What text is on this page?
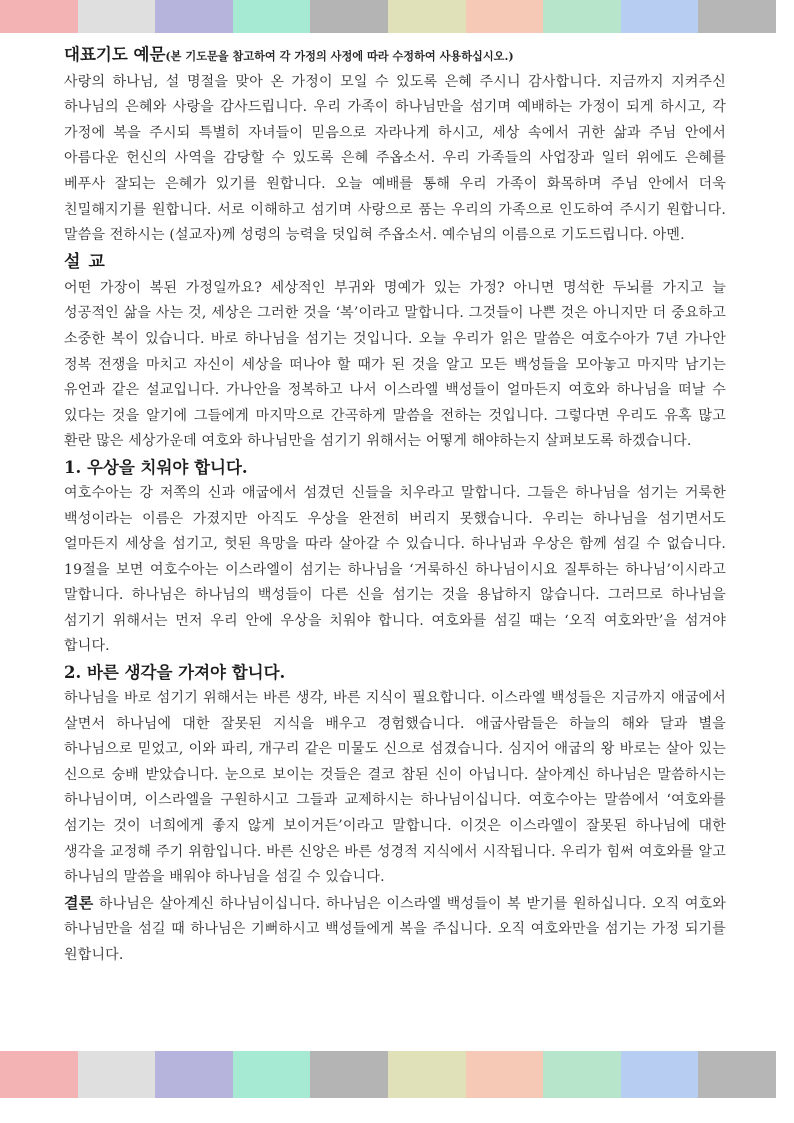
대표기도 예문(본 기도문을 참고하여 각 가정의 사정에 따라 수정하여 사용하십시오.)

사랑의 하나님, 설 명절을 맞아 온 가정이 모일 수 있도록 은혜 주시니 감사합니다. 지금까지 지켜주신 하나님의 은혜와 사랑을 감사드립니다. 우리 가족이 하나님만을 섬기며 예배하는 가정이 되게 하시고, 각 가정에 복을 주시되 특별히 자녀들이 믿음으로 자라나게 하시고, 세상 속에서 귀한 삶과 주님 안에서 아름다운 헌신의 사역을 감당할 수 있도록 은혜 주옵소서. 우리 가족들의 사업장과 일터 위에도 은혜를 베푸사 잘되는 은혜가 있기를 원합니다. 오늘 예배를 통해 우리 가족이 화목하며 주님 안에서 더욱 친밀해지기를 원합니다. 서로 이해하고 섬기며 사랑으로 품는 우리의 가족으로 인도하여 주시기 원합니다. 말씀을 전하시는 (설교자)께 성령의 능력을 덧입혀 주옵소서. 예수님의 이름으로 기도드립니다. 아멘.

설 교

어떤 가장이 복된 가정일까요? 세상적인 부귀와 명예가 있는 가정? 아니면 명석한 두뇌를 가지고 늘 성공적인 삶을 사는 것, 세상은 그러한 것을 ‘복’이라고 말합니다. 그것들이 나쁜 것은 아니지만 더 중요하고 소중한 복이 있습니다. 바로 하나님을 섬기는 것입니다. 오늘 우리가 읽은 말씀은 여호수아가 7년 가나안 정복 전쟁을 마치고 자신이 세상을 떠나야 할 때가 된 것을 알고 모든 백성들을 모아놓고 마지막 남기는 유언과 같은 설교입니다. 가나안을 정복하고 나서 이스라엘 백성들이 얼마든지 여호와 하나님을 떠날 수 있다는 것을 알기에 그들에게 마지막으로 간곡하게 말씀을 전하는 것입니다. 그렇다면 우리도 유혹 많고 환란 많은 세상가운데 여호와 하나님만을 섬기기 위해서는 어떻게 해야하는지 살펴보도록 하겠습니다.

1. 우상을 치워야 합니다.

여호수아는 강 저쪽의 신과 애굽에서 섬겼던 신들을 치우라고 말합니다. 그들은 하나님을 섬기는 거룩한 백성이라는 이름은 가졌지만 아직도 우상을 완전히 버리지 못했습니다. 우리는 하나님을 섬기면서도 얼마든지 세상을 섬기고, 헛된 욕망을 따라 살아갈 수 있습니다. 하나님과 우상은 함께 섬길 수 없습니다. 19절을 보면 여호수아는 이스라엘이 섬기는 하나님을 ‘거룩하신 하나님이시요 질투하는 하나님’이시라고 말합니다. 하나님은 하나님의 백성들이 다른 신을 섬기는 것을 용납하지 않습니다. 그러므로 하나님을 섬기기 위해서는 먼저 우리 안에 우상을 치워야 합니다. 여호와를 섬길 때는 ‘오직 여호와만’을 섬겨야 합니다.

2. 바른 생각을 가져야 합니다.

하나님을 바로 섬기기 위해서는 바른 생각, 바른 지식이 필요합니다. 이스라엘 백성들은 지금까지 애굽에서 살면서 하나님에 대한 잘못된 지식을 배우고 경험했습니다. 애굽사람들은 하늘의 해와 달과 별을 하나님으로 믿었고, 이와 파리, 개구리 같은 미물도 신으로 섬겼습니다. 심지어 애굽의 왕 바로는 살아 있는 신으로 숭배 받았습니다. 눈으로 보이는 것들은 결코 참된 신이 아닙니다. 살아계신 하나님은 말씀하시는 하나님이며, 이스라엘을 구원하시고 그들과 교제하시는 하나님이십니다. 여호수아는 말씀에서 ‘여호와를 섬기는 것이 너희에게 좋지 않게 보이거든’이라고 말합니다. 이것은 이스라엘이 잘못된 하나님에 대한 생각을 교정해 주기 위함입니다. 바른 신앙은 바른 성경적 지식에서 시작됩니다. 우리가 힘써 여호와를 알고 하나님의 말씀을 배워야 하나님을 섬길 수 있습니다.

결론 하나님은 살아계신 하나님이십니다. 하나님은 이스라엘 백성들이 복 받기를 원하십니다. 오직 여호와 하나님만을 섬길 때 하나님은 기뻐하시고 백성들에게 복을 주십니다. 오직 여호와만을 섬기는 가정 되기를 원합니다.
